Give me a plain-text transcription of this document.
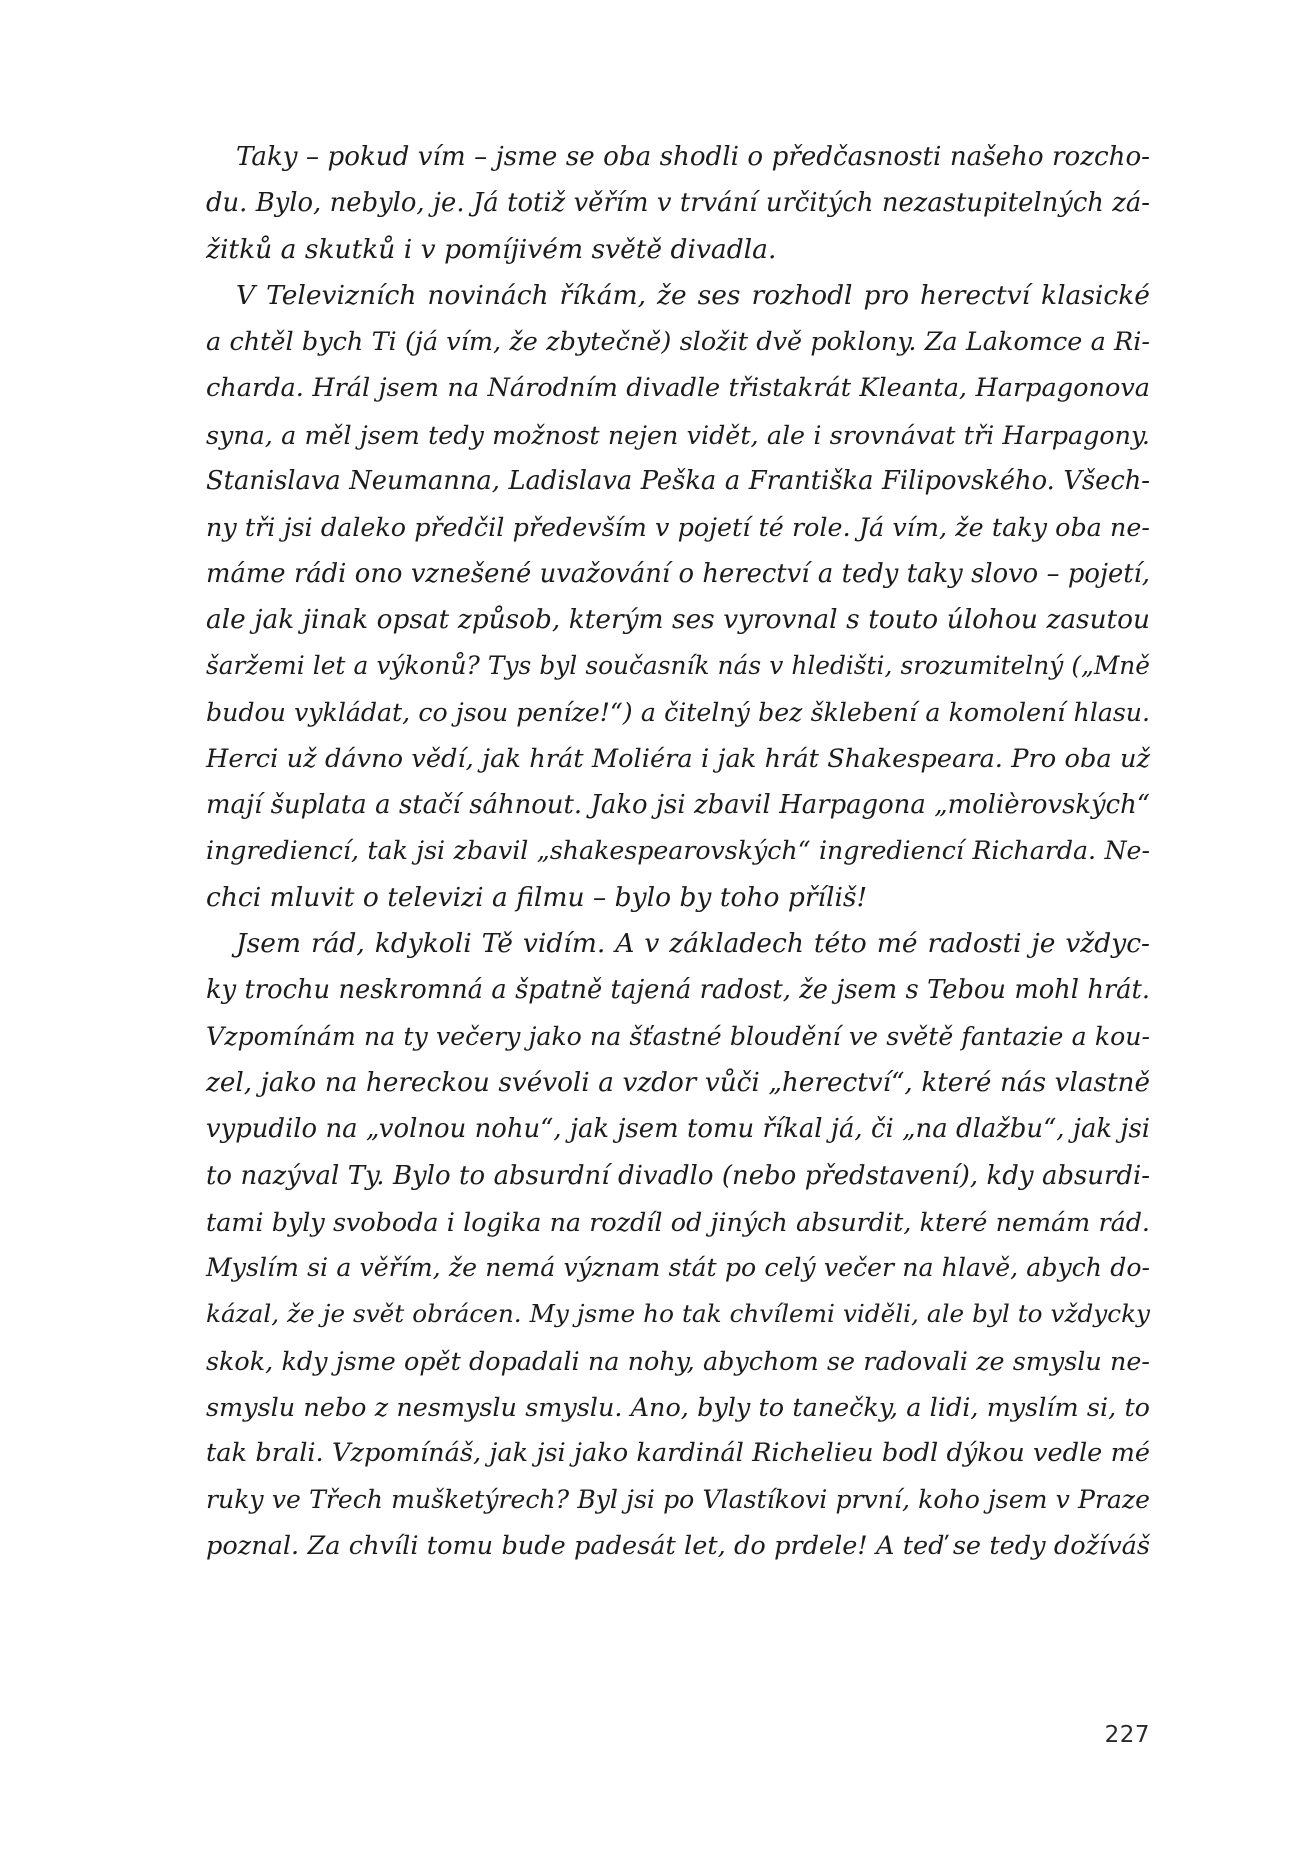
Taky – pokud vím – jsme se oba shodli o předčasnosti našeho rozcho-
du. Bylo, nebylo, je. Já totiž věřím v trvání určitých nezastupitelných zá-
žitků a skutků i v pomíjivém světě divadla.
V Televizních novinách říkám, že ses rozhodl pro herectví klasické
a chtěl bych Ti (já vím, že zbytečně) složit dvě poklony. Za Lakomce a Ri-
charda. Hrál jsem na Národním divadle třistakrát Kleanta, Harpagonova
syna, a měl jsem tedy možnost nejen vidět, ale i srovnávat tři Harpagony.
Stanislava Neumanna, Ladislava Peška a Františka Filipovského. Všech-
ny tři jsi daleko předčil především v pojetí té role. Já vím, že taky oba ne-
máme rádi ono vznešené uvažování o herectví a tedy taky slovo – pojetí,
ale jak jinak opsat způsob, kterým ses vyrovnal s touto úlohou zasutou
šaržemi let a výkonů? Tys byl současník nás v hledišti, srozumitelný („Mně
budou vykládat, co jsou peníze!“) a čitelný bez šklebení a komolení hlasu.
Herci už dávno vědí, jak hrát Moliéra i jak hrát Shakespeara. Pro oba už
mají šuplata a stačí sáhnout. Jako jsi zbavil Harpagona „molièrovských“
ingrediencí, tak jsi zbavil „shakespearovských“ ingrediencí Richarda. Ne-
chci mluvit o televizi a filmu – bylo by toho příliš!
Jsem rád, kdykoli Tě vidím. A v základech této mé radosti je vždyc-
ky trochu neskromná a špatně tajená radost, že jsem s Tebou mohl hrát.
Vzpomínám na ty večery jako na šťastné bloudění ve světě fantazie a kou-
zel, jako na hereckou svévoli a vzdor vůči „herectví“, které nás vlastně
vypudilo na „volnou nohu“, jak jsem tomu říkal já, či „na dlažbu“, jak jsi
to nazýval Ty. Bylo to absurdní divadlo (nebo představení), kdy absurdi-
tami byly svoboda i logika na rozdíl od jiných absurdit, které nemám rád.
Myslím si a věřím, že nemá význam stát po celý večer na hlavě, abych do-
kázal, že je svět obrácen. My jsme ho tak chvílemi viděli, ale byl to vždycky
skok, kdy jsme opět dopadali na nohy, abychom se radovali ze smyslu ne-
smyslu nebo z nesmyslu smyslu. Ano, byly to tanečky, a lidi, myslím si, to
tak brali. Vzpomínáš, jak jsi jako kardinál Richelieu bodl dýkou vedle mé
ruky ve Třech mušketýrech? Byl jsi po Vlastíkovi první, koho jsem v Praze
poznal. Za chvíli tomu bude padesát let, do prdele! A teď se tedy dožíváš
227
